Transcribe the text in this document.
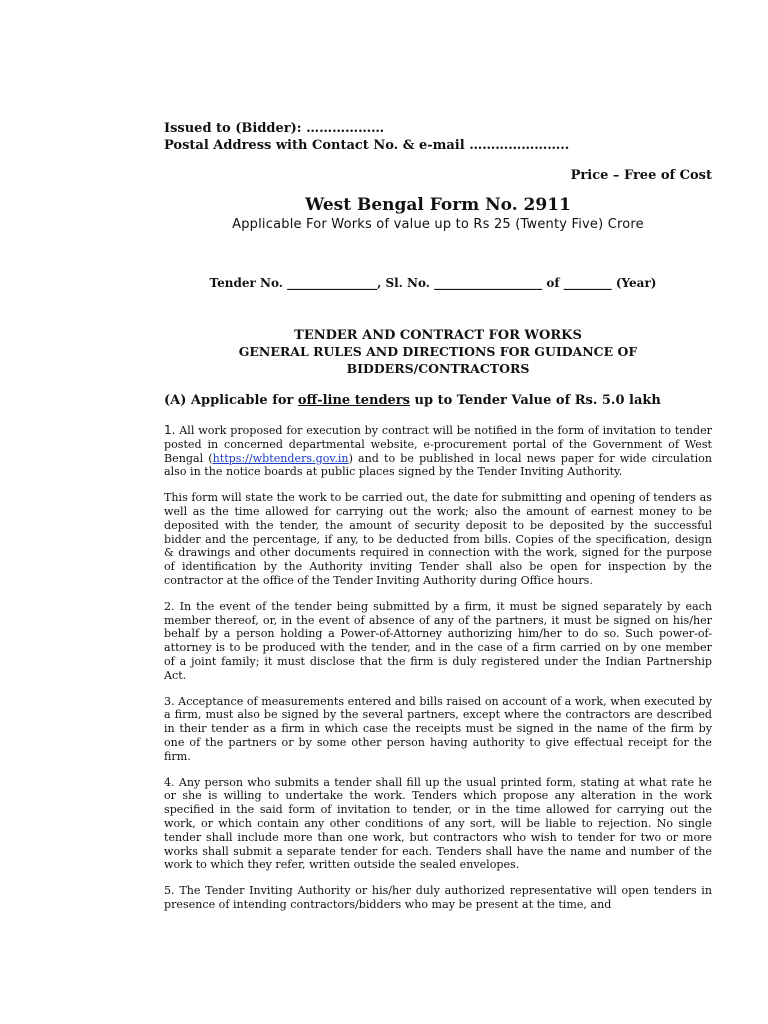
Issued to (Bidder): ………………
Postal Address with Contact No. & e-mail …………………..
Price – Free of Cost
West Bengal Form No. 2911
Applicable For Works of value up to Rs 25 (Twenty Five) Crore
Tender No. _______________, Sl. No. __________________ of ________ (Year)
TENDER AND CONTRACT FOR WORKS
GENERAL RULES AND DIRECTIONS FOR GUIDANCE OF
BIDDERS/CONTRACTORS
(A) Applicable for off-line tenders up to Tender Value of Rs. 5.0 lakh
1. All work proposed for execution by contract will be notified in the form of invitation to tender posted in concerned departmental website, e-procurement portal of the Government of West Bengal (https://wbtenders.gov.in) and to be published in local news paper for wide circulation also in the notice boards at public places signed by the Tender Inviting Authority.
This form will state the work to be carried out, the date for submitting and opening of tenders as well as the time allowed for carrying out the work; also the amount of earnest money to be deposited with the tender, the amount of security deposit to be deposited by the successful bidder and the percentage, if any, to be deducted from bills. Copies of the specification, design & drawings and other documents required in connection with the work, signed for the purpose of identification by the Authority inviting Tender shall also be open for inspection by the contractor at the office of the Tender Inviting Authority during Office hours.
2. In the event of the tender being submitted by a firm, it must be signed separately by each member thereof, or, in the event of absence of any of the partners, it must be signed on his/her behalf by a person holding a Power-of-Attorney authorizing him/her to do so. Such power-of-attorney is to be produced with the tender, and in the case of a firm carried on by one member of a joint family; it must disclose that the firm is duly registered under the Indian Partnership Act.
3. Acceptance of measurements entered and bills raised on account of a work, when executed by a firm, must also be signed by the several partners, except where the contractors are described in their tender as a firm in which case the receipts must be signed in the name of the firm by one of the partners or by some other person having authority to give effectual receipt for the firm.
4. Any person who submits a tender shall fill up the usual printed form, stating at what rate he or she is willing to undertake the work. Tenders which propose any alteration in the work specified in the said form of invitation to tender, or in the time allowed for carrying out the work, or which contain any other conditions of any sort, will be liable to rejection. No single tender shall include more than one work, but contractors who wish to tender for two or more works shall submit a separate tender for each. Tenders shall have the name and number of the work to which they refer, written outside the sealed envelopes.
5. The Tender Inviting Authority or his/her duly authorized representative will open tenders in presence of intending contractors/bidders who may be present at the time, and
